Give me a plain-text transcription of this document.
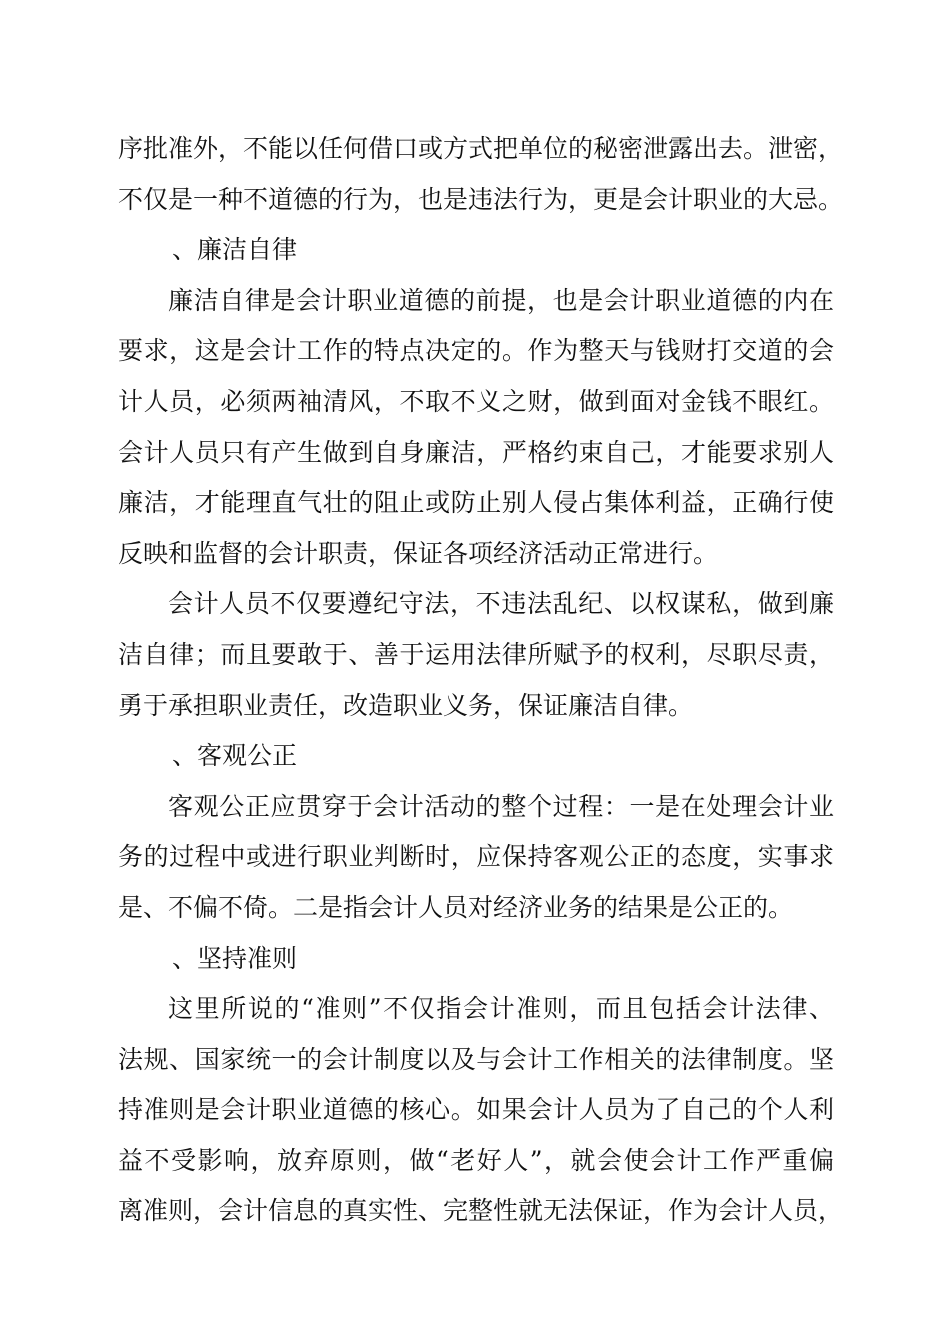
序批准外，不能以任何借口或方式把单位的秘密泄露出去。泄密，
不仅是一种不道德的行为，也是违法行为，更是会计职业的大忌。
、廉洁自律
廉洁自律是会计职业道德的前提，也是会计职业道德的内在
要求，这是会计工作的特点决定的。作为整天与钱财打交道的会
计人员，必须两袖清风，不取不义之财，做到面对金钱不眼红。
会计人员只有产生做到自身廉洁，严格约束自己，才能要求别人
廉洁，才能理直气壮的阻止或防止别人侵占集体利益，正确行使
反映和监督的会计职责，保证各项经济活动正常进行。
会计人员不仅要遵纪守法，不违法乱纪、以权谋私，做到廉
洁自律；而且要敢于、善于运用法律所赋予的权利，尽职尽责，
勇于承担职业责任，改造职业义务，保证廉洁自律。
、客观公正
客观公正应贯穿于会计活动的整个过程：一是在处理会计业
务的过程中或进行职业判断时，应保持客观公正的态度，实事求
是、不偏不倚。二是指会计人员对经济业务的结果是公正的。
、坚持准则
这里所说的“准则”不仅指会计准则，而且包括会计法律、
法规、国家统一的会计制度以及与会计工作相关的法律制度。坚
持准则是会计职业道德的核心。如果会计人员为了自己的个人利
益不受影响，放弃原则，做“老好人”，就会使会计工作严重偏
离准则，会计信息的真实性、完整性就无法保证，作为会计人员，
